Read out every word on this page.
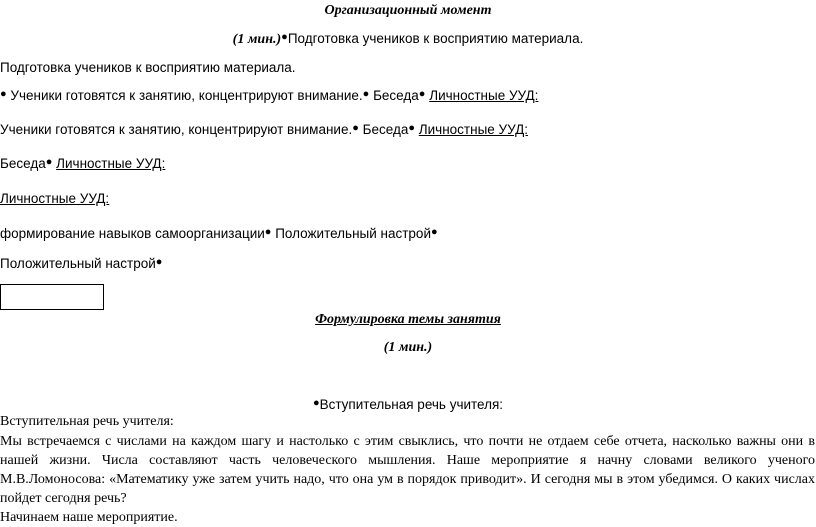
Организационный момент
(1 мин.)●Подготовка учеников к восприятию материала.
Подготовка учеников к восприятию материала.
● Ученики готовятся к занятию, концентрируют внимание.● Беседа● Личностные УУД:
Ученики готовятся к занятию, концентрируют внимание.● Беседа● Личностные УУД:
Беседа● Личностные УУД:
Личностные УУД:
формирование навыков самоорганизации● Положительный настрой●
Положительный настрой●
Формулировка темы занятия
(1 мин.)
●Вступительная речь учителя:
Вступительная речь учителя:

Мы встречаемся с числами на каждом шагу и настолько с этим свыклись, что почти не отдаем себе отчета, насколько важны они в нашей жизни. Числа составляют часть человеческого мышления. Наше мероприятие я начну словами великого ученого М.В.Ломоносова: «Математику уже затем учить надо, что она ум в порядок приводит». И сегодня мы в этом убедимся. О каких числах пойдет сегодня речь?

Начинаем наше мероприятие.
